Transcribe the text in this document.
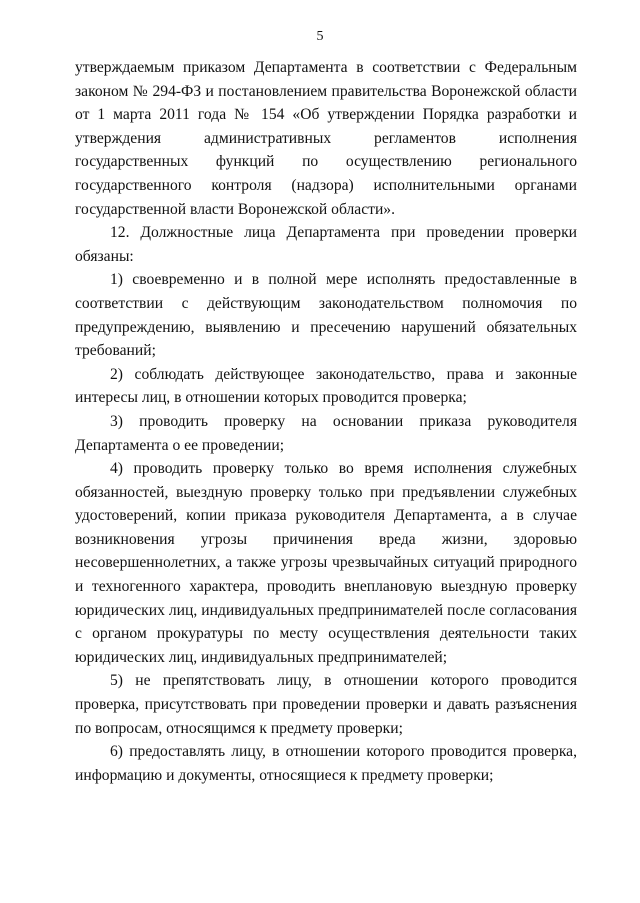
5

утверждаемым приказом Департамента в соответствии с Федеральным законом № 294-ФЗ и постановлением правительства Воронежской области от 1 марта 2011 года № 154 «Об утверждении Порядка разработки и утверждения административных регламентов исполнения государственных функций по осуществлению регионального государственного контроля (надзора) исполнительными органами государственной власти Воронежской области».

12. Должностные лица Департамента при проведении проверки обязаны:

1) своевременно и в полной мере исполнять предоставленные в соответствии с действующим законодательством полномочия по предупреждению, выявлению и пресечению нарушений обязательных требований;

2) соблюдать действующее законодательство, права и законные интересы лиц, в отношении которых проводится проверка;

3) проводить проверку на основании приказа руководителя Департамента о ее проведении;

4) проводить проверку только во время исполнения служебных обязанностей, выездную проверку только при предъявлении служебных удостоверений, копии приказа руководителя Департамента, а в случае возникновения угрозы причинения вреда жизни, здоровью несовершеннолетних, а также угрозы чрезвычайных ситуаций природного и техногенного характера, проводить внеплановую выездную проверку юридических лиц, индивидуальных предпринимателей после согласования с органом прокуратуры по месту осуществления деятельности таких юридических лиц, индивидуальных предпринимателей;

5) не препятствовать лицу, в отношении которого проводится проверка, присутствовать при проведении проверки и давать разъяснения по вопросам, относящимся к предмету проверки;

6) предоставлять лицу, в отношении которого проводится проверка, информацию и документы, относящиеся к предмету проверки;
